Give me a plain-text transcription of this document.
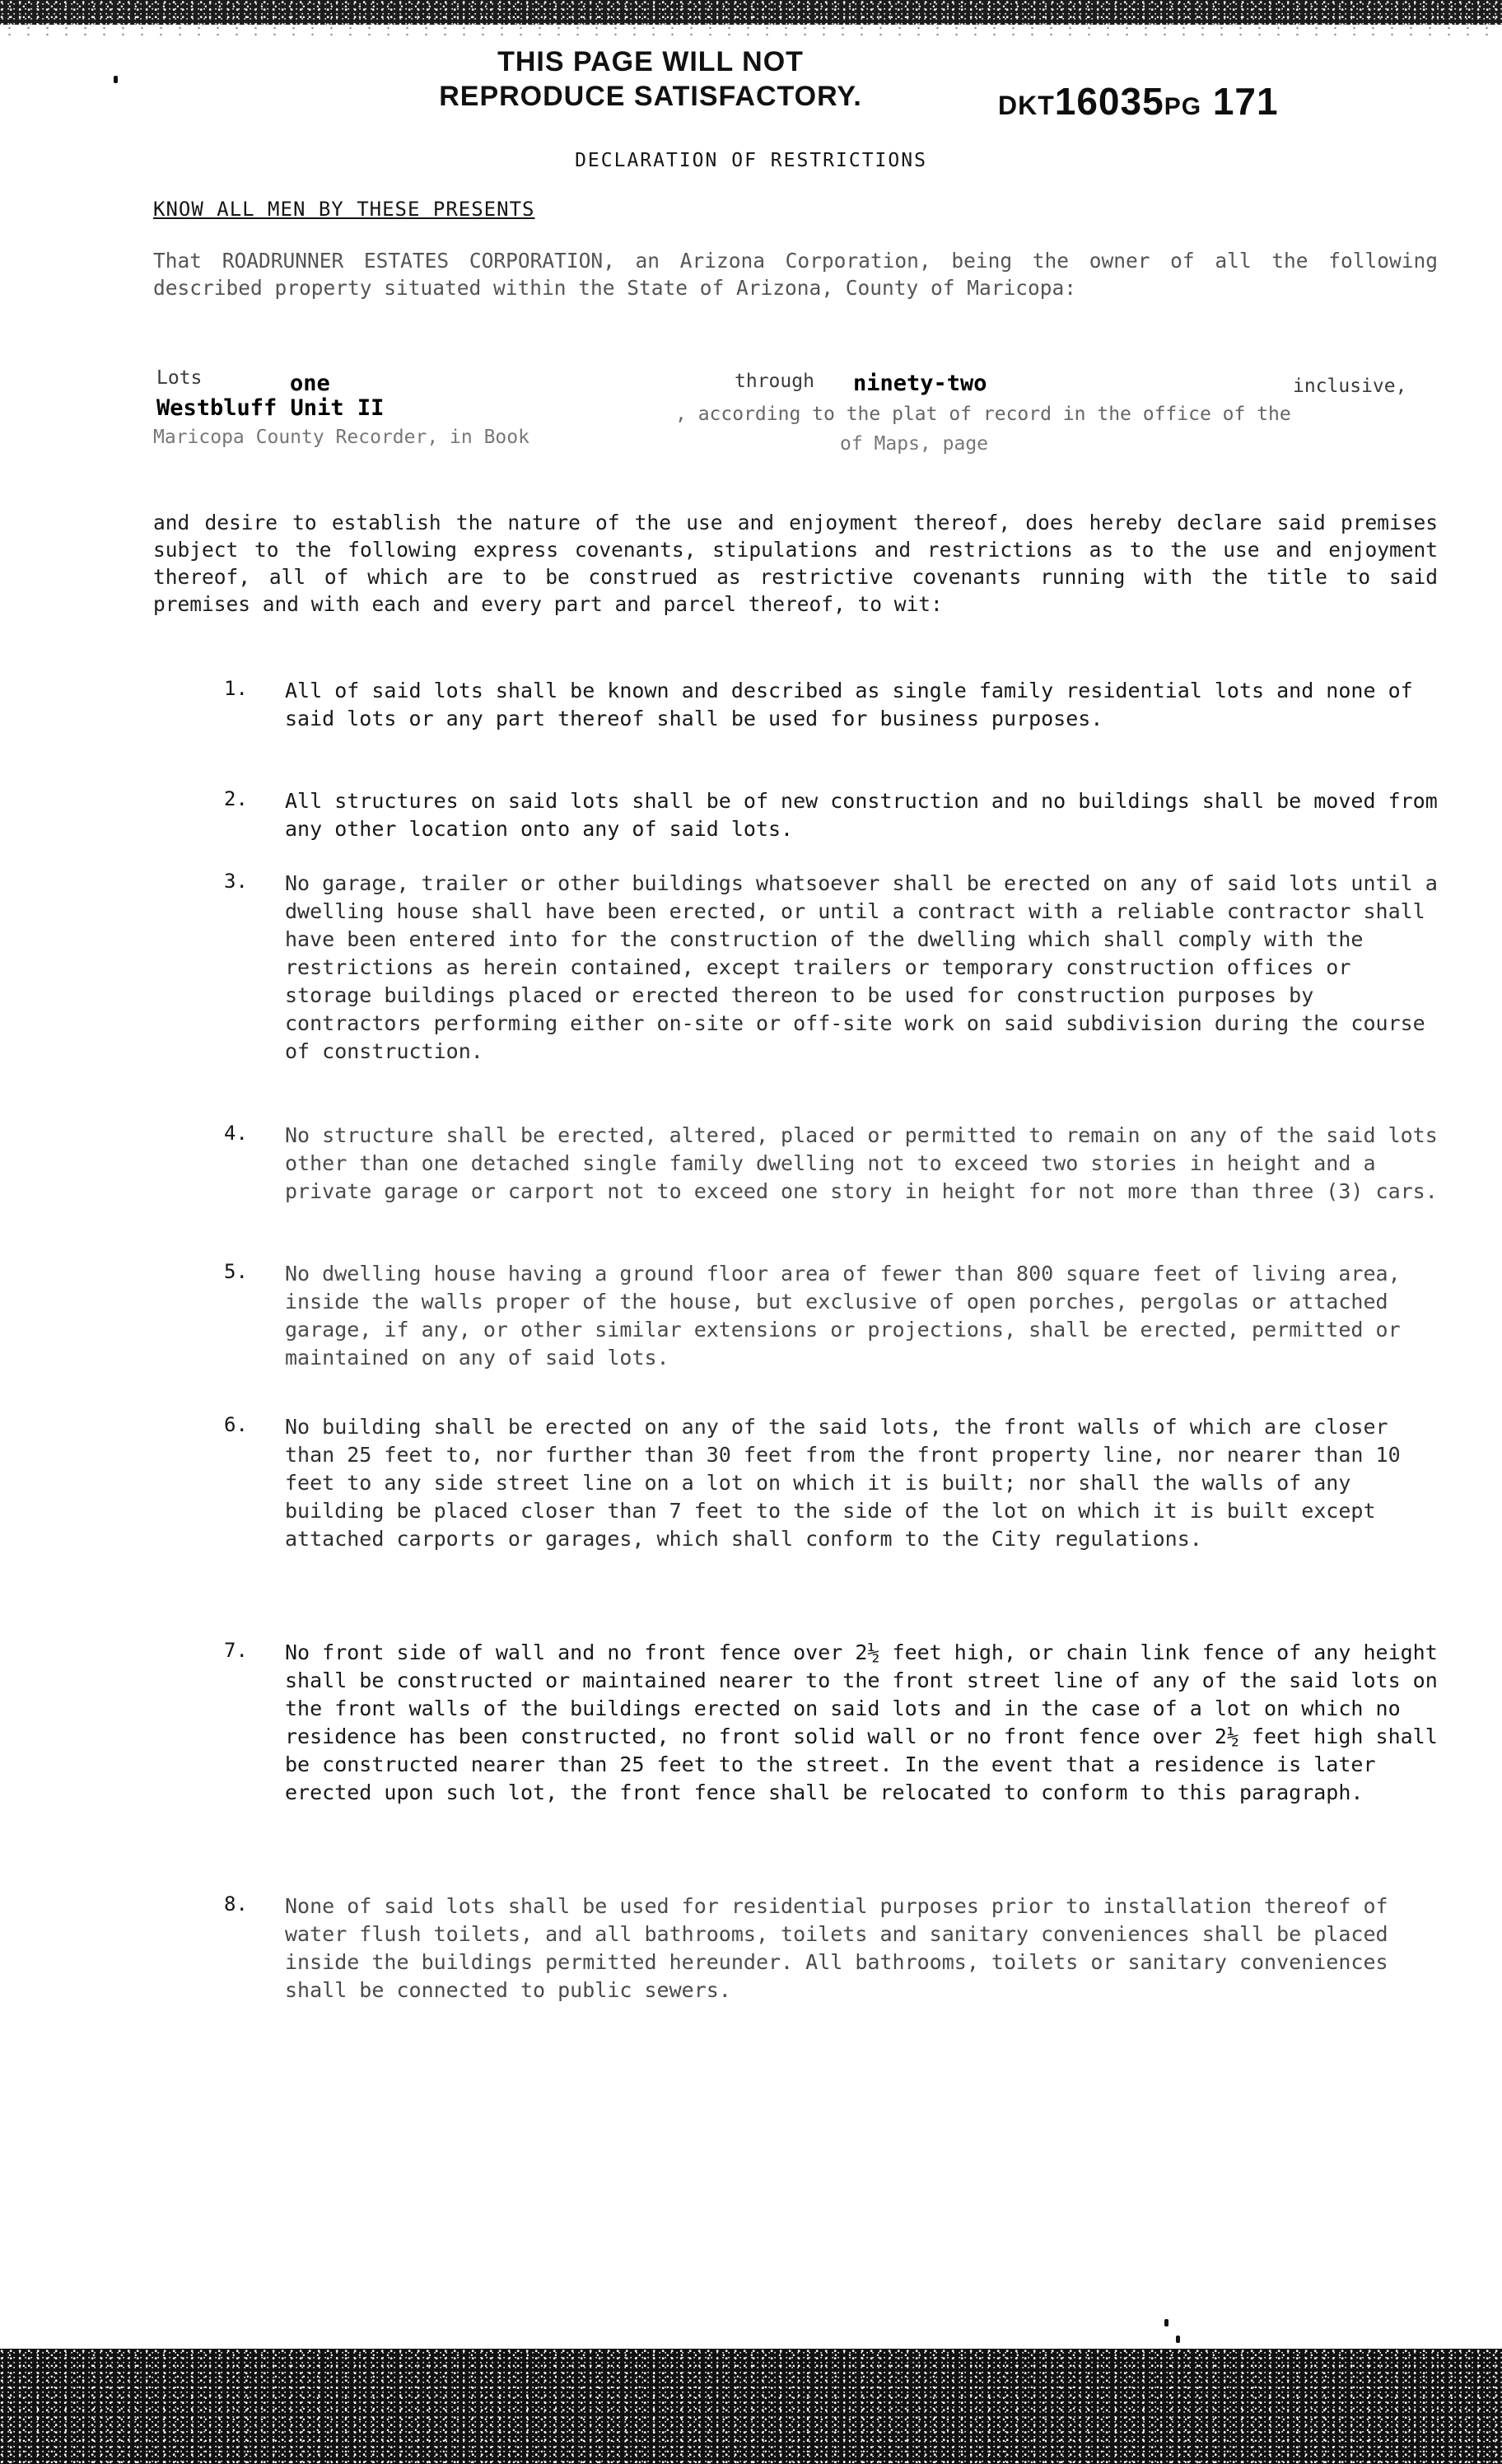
THIS PAGE WILL NOT
REPRODUCE SATISFACTORY.	DKT16035PG 171
DECLARATION OF RESTRICTIONS
KNOW ALL MEN BY THESE PRESENTS
That ROADRUNNER ESTATES CORPORATION, an Arizona Corporation, being the owner of all the following described property situated within the State of Arizona, County of Maricopa:
Lots	one	through ninety-two	inclusive,
Westbluff Unit II	, according to the plat of record in the office of the
Maricopa County Recorder, in Book	of Maps, page
and desire to establish the nature of the use and enjoyment thereof, does hereby declare said premises subject to the following express covenants, stipulations and restrictions as to the use and enjoyment thereof, all of which are to be construed as restrictive covenants running with the title to said premises and with each and every part and parcel thereof, to wit:
1. All of said lots shall be known and described as single family residential lots and none of said lots or any part thereof shall be used for business purposes.
2. All structures on said lots shall be of new construction and no buildings shall be moved from any other location onto any of said lots.
3. No garage, trailer or other buildings whatsoever shall be erected on any of said lots until a dwelling house shall have been erected, or until a contract with a reliable contractor shall have been entered into for the construction of the dwelling which shall comply with the restrictions as herein contained, except trailers or temporary construction offices or storage buildings placed or erected thereon to be used for construction purposes by contractors performing either on-site or off-site work on said subdivision during the course of construction.
4. No structure shall be erected, altered, placed or permitted to remain on any of the said lots other than one detached single family dwelling not to exceed two stories in height and a private garage or carport not to exceed one story in height for not more than three (3) cars.
5. No dwelling house having a ground floor area of fewer than 800 square feet of living area, inside the walls proper of the house, but exclusive of open porches, pergolas or attached garage, if any, or other similar extensions or projections, shall be erected, permitted or maintained on any of said lots.
6. No building shall be erected on any of the said lots, the front walls of which are closer than 25 feet to, nor further than 30 feet from the front property line, nor nearer than 10 feet to any side street line on a lot on which it is built; nor shall the walls of any building be placed closer than 7 feet to the side of the lot on which it is built except attached carports or garages, which shall conform to the City regulations.
7. No front side of wall and no front fence over 2½ feet high, or chain link fence of any height shall be constructed or maintained nearer to the front street line of any of the said lots on the front walls of the buildings erected on said lots and in the case of a lot on which no residence has been constructed, no front solid wall or no front fence over 2½ feet high shall be constructed nearer than 25 feet to the street. In the event that a residence is later erected upon such lot, the front fence shall be relocated to conform to this paragraph.
8. None of said lots shall be used for residential purposes prior to installation thereof of water flush toilets, and all bathrooms, toilets and sanitary conveniences shall be placed inside the buildings permitted hereunder. All bathrooms, toilets or sanitary conveniences shall be connected to public sewers.
